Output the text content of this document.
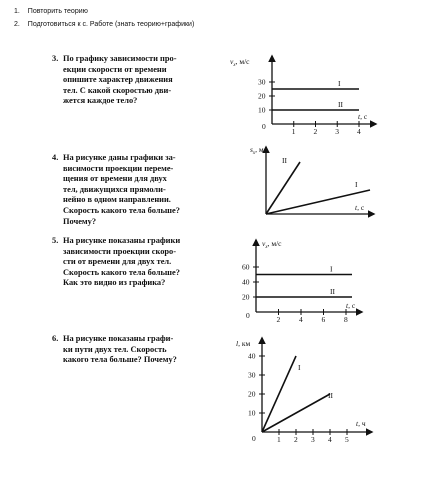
1. Повторить теорию
2. Подготовиться к с. Работе (знать теорию+графики)
3. По графику зависимости про-
екции скорости от времени
опишите характер движения
тел. С какой скоростью дви-
жется каждое тело?
4. На рисунке даны графики за-
висимости проекции переме-
щения от времени для двух
тел, движущихся прямоли-
нейно в одном направлении.
Скорость какого тела больше?
Почему?
5. На рисунке показаны графики
зависимости проекции скоро-
сти от времени для двух тел.
Скорость какого тела больше?
Как это видно из графика?
6. На рисунке показаны графи-
ки пути двух тел. Скорость
какого тела больше? Почему?
$v_x$, м/с
t, с
0
30
20
10
1 2 3 4
I
II
$s_x$, м
t, с
II
I
$v_x$, м/с
t, с
0
60
40
20
2	4	6	8
I
II
l, км
t, ч
0
40
30
20
10
1 2 3 4 5
I
II
